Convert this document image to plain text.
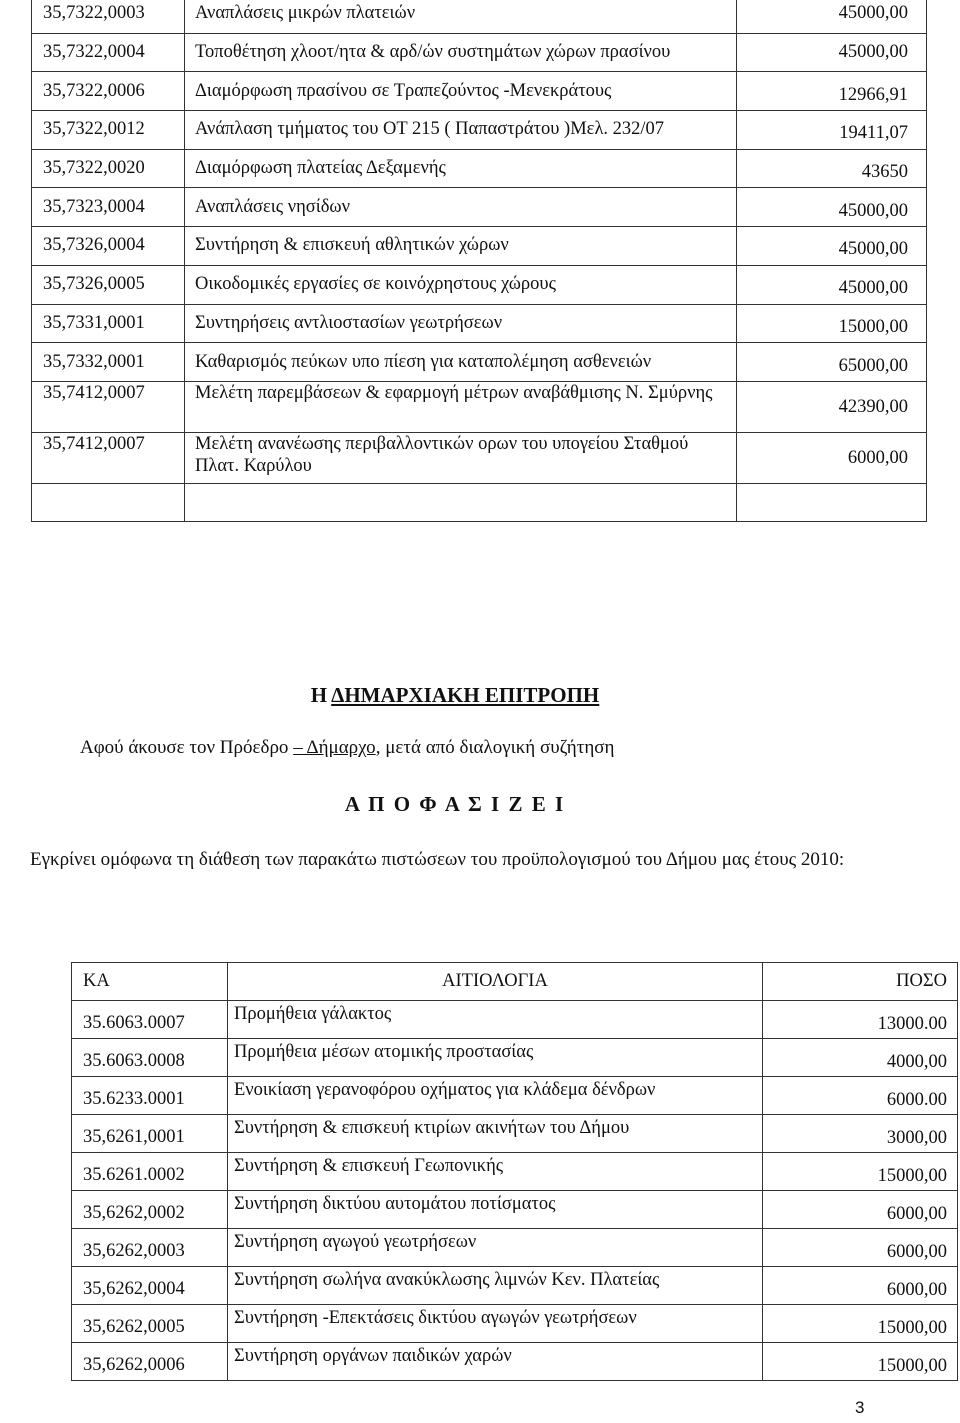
35,7322,0003	Αναπλάσεις μικρών πλατειών	45000,00
35,7322,0004	Τοποθέτηση χλοοτ/ητα & αρδ/ών συστημάτων χώρων πρασίνου	45000,00
35,7322,0006	Διαμόρφωση πρασίνου σε Τραπεζούντος -Μενεκράτους	12966,91
35,7322,0012	Ανάπλαση τμήματος του ΟΤ 215 ( Παπαστράτου )Μελ. 232/07	19411,07
35,7322,0020	Διαμόρφωση πλατείας Δεξαμενής	43650
35,7323,0004	Αναπλάσεις νησίδων	45000,00
35,7326,0004	Συντήρηση & επισκευή αθλητικών χώρων	45000,00
35,7326,0005	Οικοδομικές εργασίες σε κοινόχρηστους χώρους	45000,00
35,7331,0001	Συντηρήσεις αντλιοστασίων γεωτρήσεων	15000,00
35,7332,0001	Καθαρισμός πεύκων υπο πίεση για καταπολέμηση ασθενειών	65000,00
35,7412,0007	Μελέτη παρεμβάσεων & εφαρμογή μέτρων αναβάθμισης Ν. Σμύρνης	42390,00
35,7412,0007	Μελέτη ανανέωσης περιβαλλοντικών ορων του υπογείου Σταθμού Πλατ. Καρύλου	6000,00

Η ΔΗΜΑΡΧΙΑΚΗ ΕΠΙΤΡΟΠΗ
Αφού άκουσε τον Πρόεδρο – Δήμαρχο, μετά από διαλογική συζήτηση
Α Π Ο Φ Α Σ Ι Ζ Ε Ι
Εγκρίνει ομόφωνα τη διάθεση των παρακάτω πιστώσεων του προϋπολογισμού του Δήμου μας έτους 2010:
ΚΑ	ΑΙΤΙΟΛΟΓΙΑ	ΠΟΣΟ
35.6063.0007	Προμήθεια γάλακτος	13000.00
35.6063.0008	Προμήθεια μέσων ατομικής προστασίας	4000,00
35.6233.0001	Ενοικίαση γερανοφόρου οχήματος για κλάδεμα δένδρων	6000.00
35,6261,0001	Συντήρηση & επισκευή κτιρίων ακινήτων του Δήμου	3000,00
35.6261.0002	Συντήρηση & επισκευή Γεωπονικής	15000,00
35,6262,0002	Συντήρηση δικτύου αυτομάτου ποτίσματος	6000,00
35,6262,0003	Συντήρηση αγωγού γεωτρήσεων	6000,00
35,6262,0004	Συντήρηση σωλήνα ανακύκλωσης λιμνών Κεν. Πλατείας	6000,00
35,6262,0005	Συντήρηση -Επεκτάσεις δικτύου αγωγών γεωτρήσεων	15000,00
35,6262,0006	Συντήρηση οργάνων παιδικών χαρών	15000,00
3
